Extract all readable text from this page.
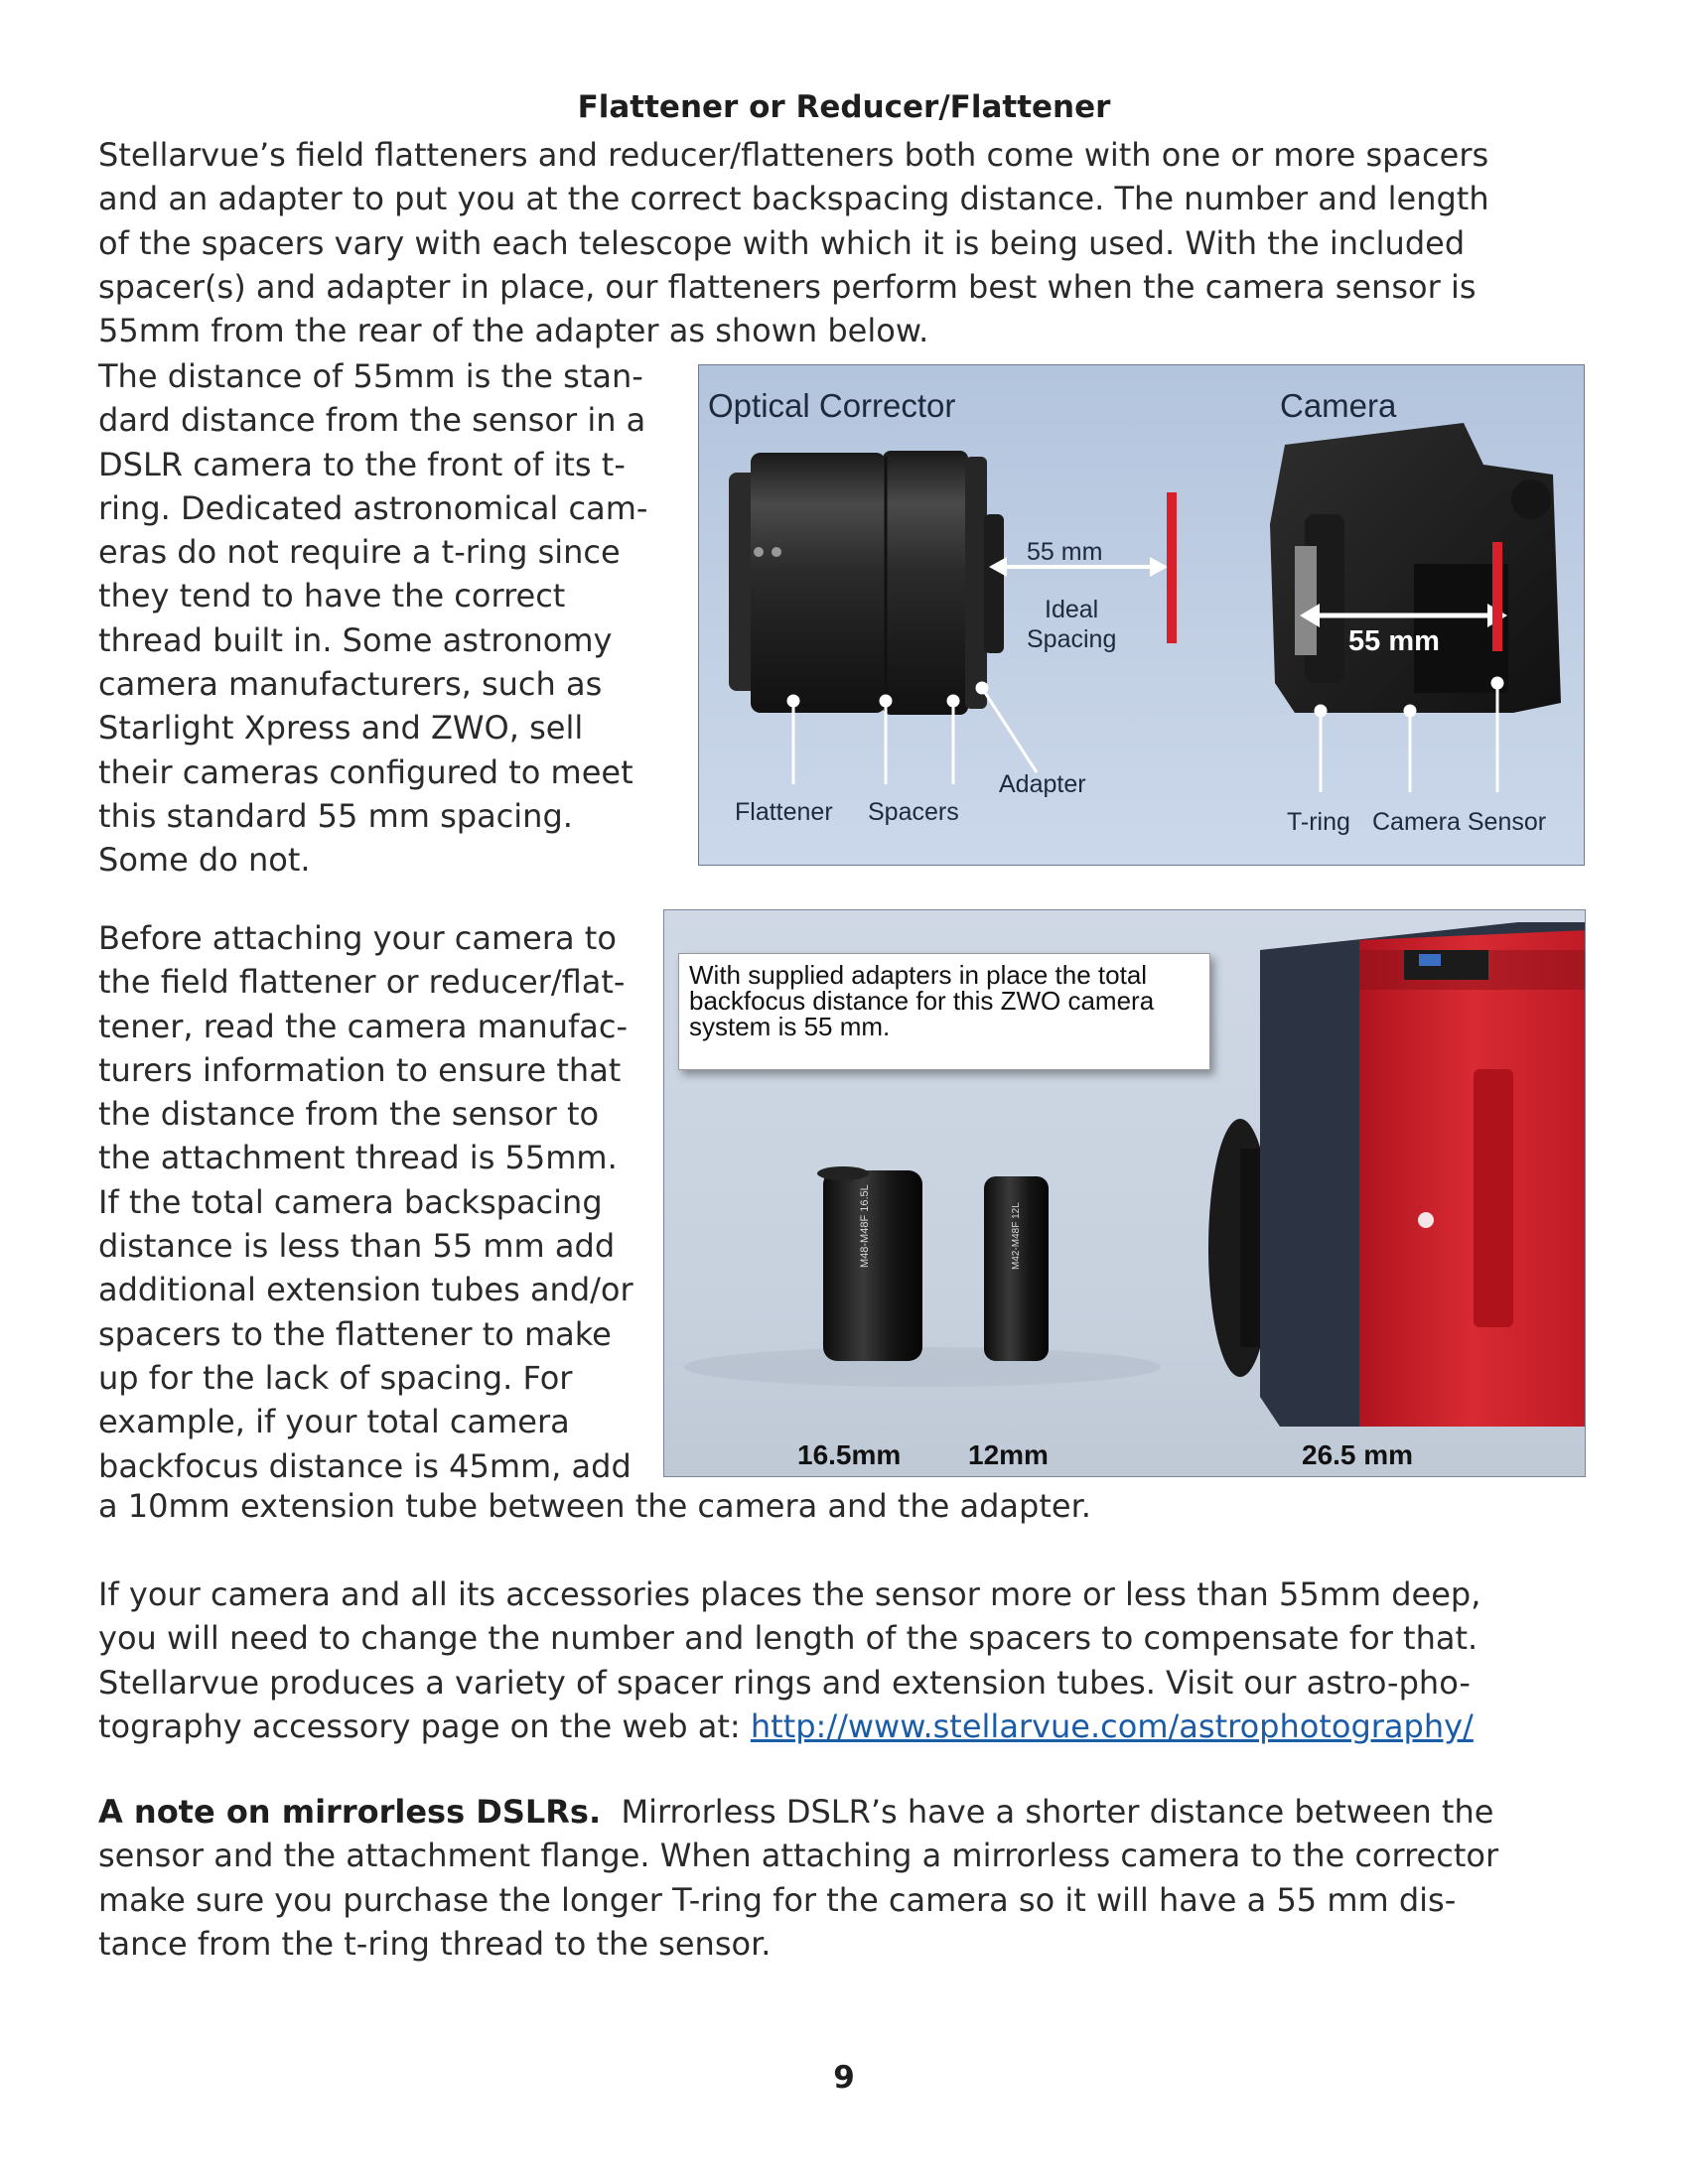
Flattener or Reducer/Flattener

Stellarvue’s field flatteners and reducer/flatteners both come with one or more spacers
and an adapter to put you at the correct backspacing distance. The number and length
of the spacers vary with each telescope with which it is being used. With the included
spacer(s) and adapter in place, our flatteners perform best when the camera sensor is
55mm from the rear of the adapter as shown below.

The distance of 55mm is the stan-
dard distance from the sensor in a
DSLR camera to the front of its t-
ring. Dedicated astronomical cam-
eras do not require a t-ring since
they tend to have the correct
thread built in. Some astronomy
camera manufacturers, such as
Starlight Xpress and ZWO, sell
their cameras configured to meet
this standard 55 mm spacing.
Some do not.

Optical Corrector	Camera
55 mm
Ideal
Spacing	55 mm
Adapter
Flattener Spacers	T-ring Camera Sensor

Before attaching your camera to
the field flattener or reducer/flat-
tener, read the camera manufac-
turers information to ensure that
the distance from the sensor to
the attachment thread is 55mm.
If the total camera backspacing
distance is less than 55 mm add
additional extension tubes and/or
spacers to the flattener to make
up for the lack of spacing. For
example, if your total camera
backfocus distance is 45mm, add

M48-M48F 16.5L	M42-M48F 12L
With supplied adapters in place the total
backfocus distance for this ZWO camera
system is 55 mm.
16.5mm 12mm	26.5 mm

a 10mm extension tube between the camera and the adapter.

If your camera and all its accessories places the sensor more or less than 55mm deep,
you will need to change the number and length of the spacers to compensate for that.
Stellarvue produces a variety of spacer rings and extension tubes. Visit our astro-pho-
tography accessory page on the web at: http://www.stellarvue.com/astrophotography/

A note on mirrorless DSLRs.  Mirrorless DSLR’s have a shorter distance between the
sensor and the attachment flange. When attaching a mirrorless camera to the corrector
make sure you purchase the longer T-ring for the camera so it will have a 55 mm dis-
tance from the t-ring thread to the sensor.

9
